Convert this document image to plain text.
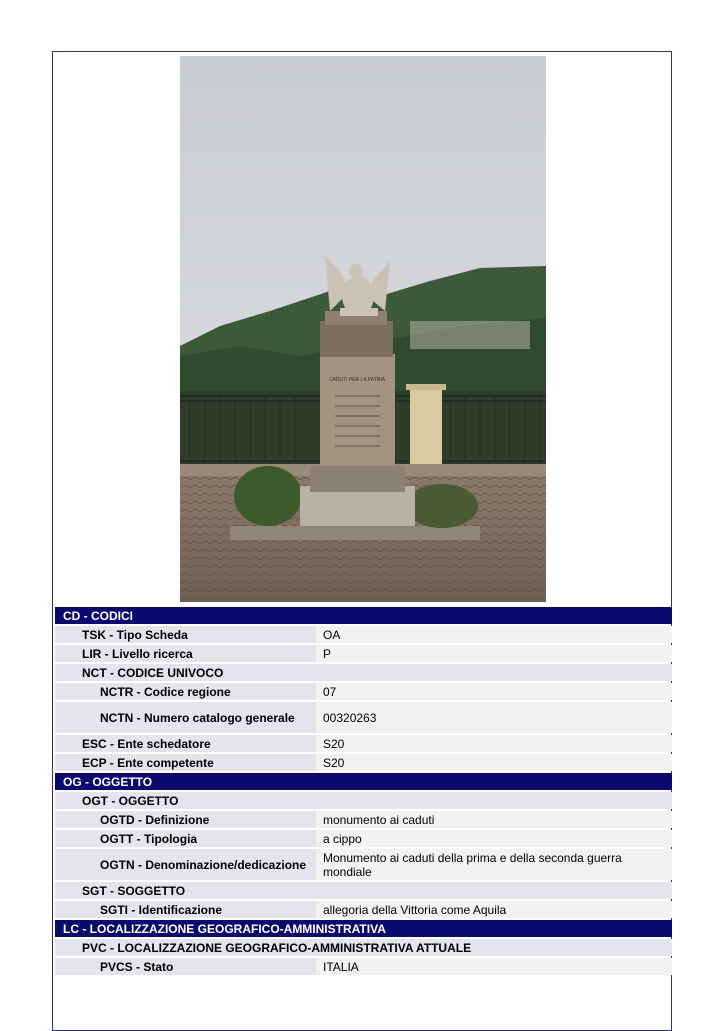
CADUTI PER LA PATRIA
CD - CODICI	
TSK - Tipo Scheda	OA
LIR - Livello ricerca	P
NCT - CODICE UNIVOCO	
NCTR - Codice regione	07
NCTN - Numero catalogo generale	00320263
ESC - Ente schedatore	S20
ECP - Ente competente	S20
OG - OGGETTO	
OGT - OGGETTO	
OGTD - Definizione	monumento ai caduti
OGTT - Tipologia	a cippo
OGTN - Denominazione/dedicazione	Monumento ai caduti della prima e della seconda guerra mondiale
SGT - SOGGETTO	
SGTI - Identificazione	allegoria della Vittoria come Aquila
LC - LOCALIZZAZIONE GEOGRAFICO-AMMINISTRATIVA	
PVC - LOCALIZZAZIONE GEOGRAFICO-AMMINISTRATIVA ATTUALE	
PVCS - Stato	ITALIA
